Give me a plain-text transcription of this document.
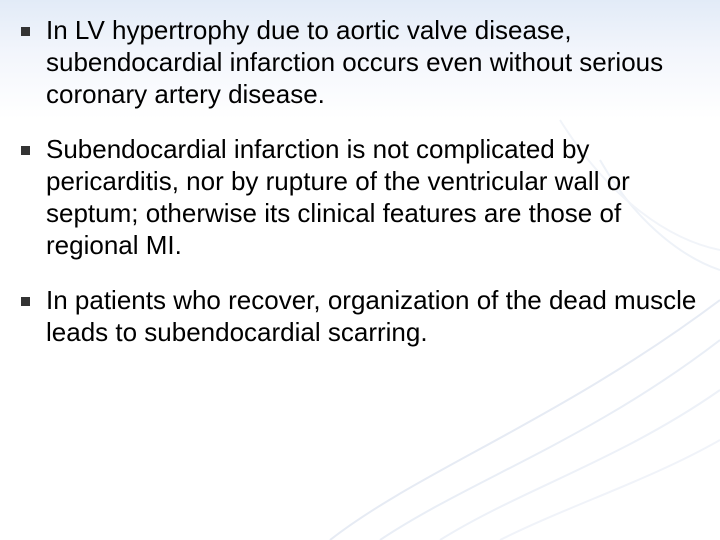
In LV hypertrophy due to aortic valve disease, subendocardial infarction occurs even without serious coronary artery disease.
Subendocardial infarction is not complicated by pericarditis, nor by rupture of the ventricular wall or septum; otherwise its clinical features are those of regional MI.
In patients who recover, organization of the dead muscle leads to subendocardial scarring.
